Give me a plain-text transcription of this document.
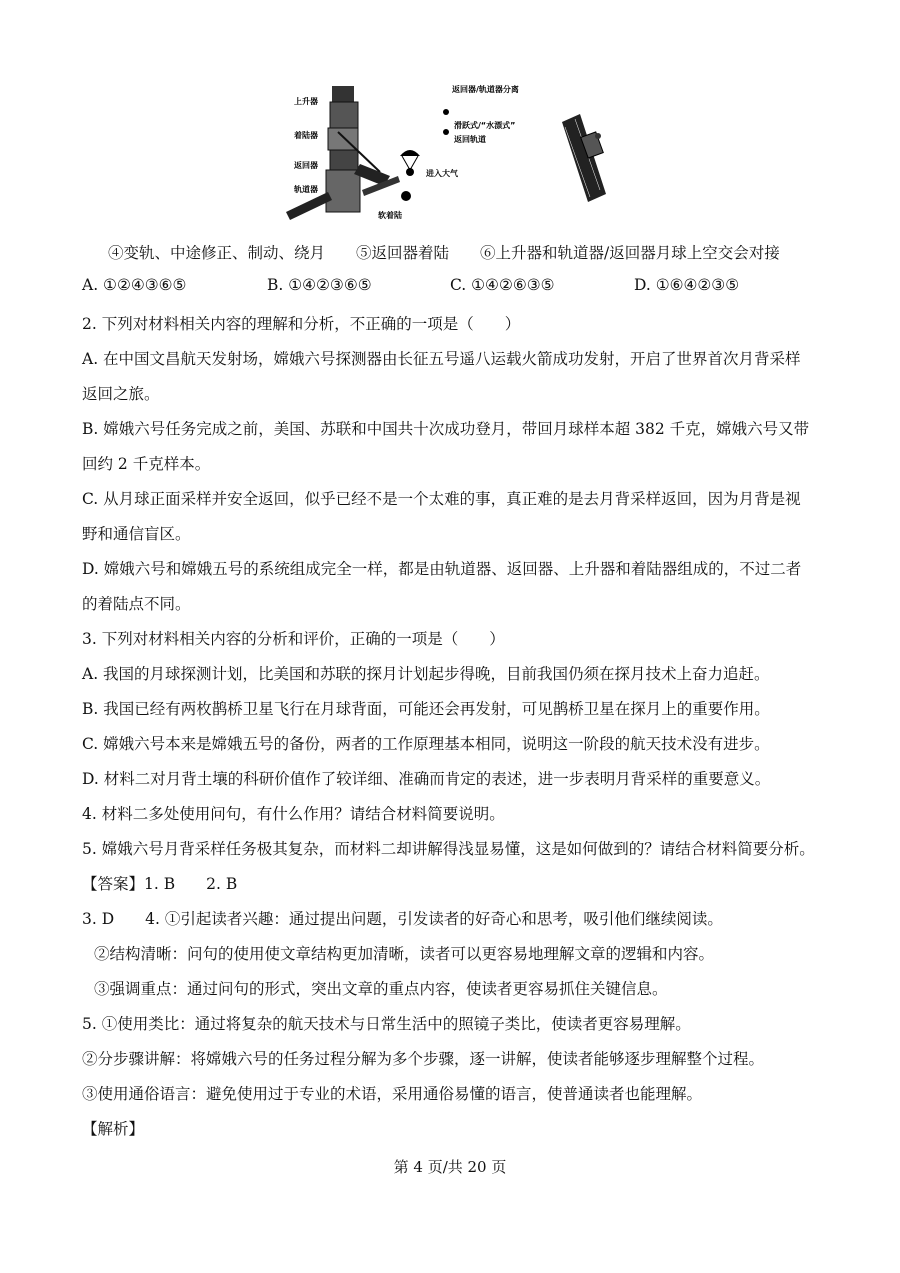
上升器
着陆器
返回器
轨道器
返回器/轨道器分离
滑跃式/“水漂式”
返回轨道
进入大气
软着陆
④变轨、中途修正、制动、绕月　　⑤返回器着陆　　⑥上升器和轨道器/返回器月球上空交会对接
A. ①②④③⑥⑤	B. ①④②③⑥⑤	C. ①④②⑥③⑤	D. ①⑥④②③⑤
2. 下列对材料相关内容的理解和分析，不正确的一项是（　　）
A. 在中国文昌航天发射场，嫦娥六号探测器由长征五号遥八运载火箭成功发射，开启了世界首次月背采样
返回之旅。
B. 嫦娥六号任务完成之前，美国、苏联和中国共十次成功登月，带回月球样本超 382 千克，嫦娥六号又带
回约 2 千克样本。
C. 从月球正面采样并安全返回，似乎已经不是一个太难的事，真正难的是去月背采样返回，因为月背是视
野和通信盲区。
D. 嫦娥六号和嫦娥五号的系统组成完全一样，都是由轨道器、返回器、上升器和着陆器组成的，不过二者
的着陆点不同。
3. 下列对材料相关内容的分析和评价，正确的一项是（　　）
A. 我国的月球探测计划，比美国和苏联的探月计划起步得晚，目前我国仍须在探月技术上奋力追赶。
B. 我国已经有两枚鹊桥卫星飞行在月球背面，可能还会再发射，可见鹊桥卫星在探月上的重要作用。
C. 嫦娥六号本来是嫦娥五号的备份，两者的工作原理基本相同，说明这一阶段的航天技术没有进步。
D. 材料二对月背土壤的科研价值作了较详细、准确而肯定的表述，进一步表明月背采样的重要意义。
4. 材料二多处使用问句，有什么作用？请结合材料简要说明。
5. 嫦娥六号月背采样任务极其复杂，而材料二却讲解得浅显易懂，这是如何做到的？请结合材料简要分析。
【答案】1. B　　2. B
3. D　　4. ①引起读者兴趣：通过提出问题，引发读者的好奇心和思考，吸引他们继续阅读。
②结构清晰：问句的使用使文章结构更加清晰，读者可以更容易地理解文章的逻辑和内容。
③强调重点：通过问句的形式，突出文章的重点内容，使读者更容易抓住关键信息。
5. ①使用类比：通过将复杂的航天技术与日常生活中的照镜子类比，使读者更容易理解。
②分步骤讲解：将嫦娥六号的任务过程分解为多个步骤，逐一讲解，使读者能够逐步理解整个过程。
③使用通俗语言：避免使用过于专业的术语，采用通俗易懂的语言，使普通读者也能理解。
【解析】
第 4 页/共 20 页
